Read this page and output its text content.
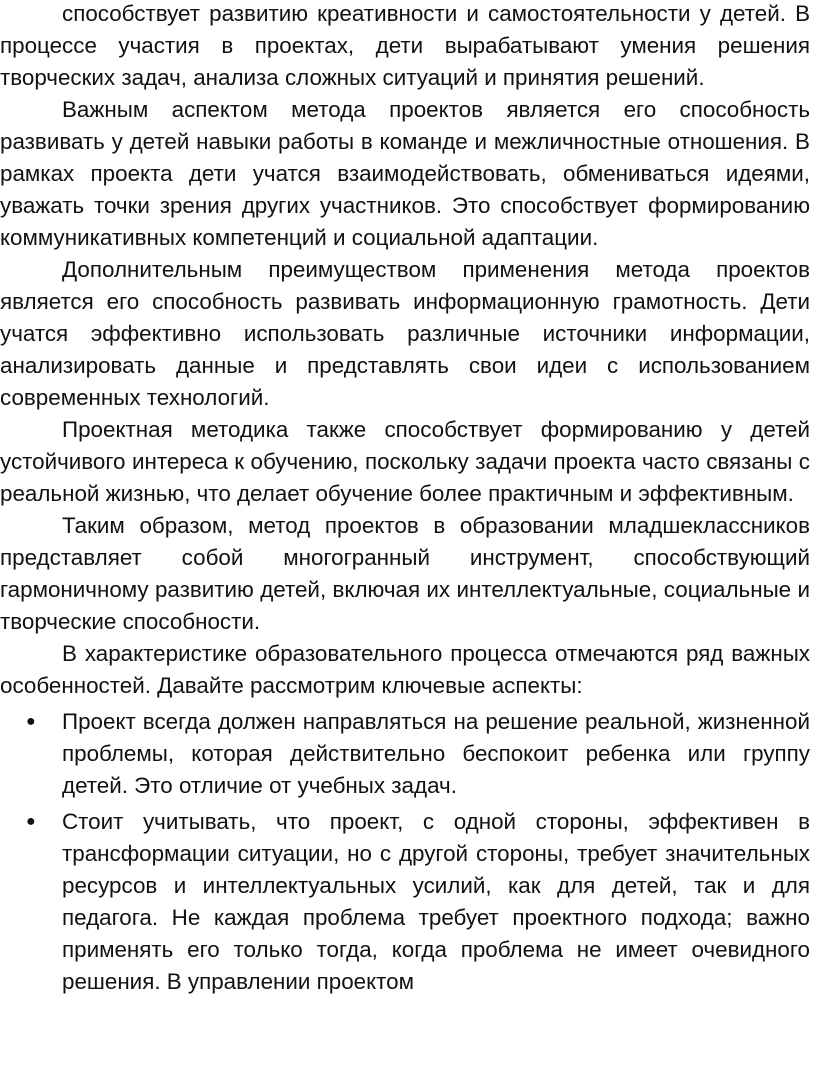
способствует развитию креативности и самостоятельности у детей. В процессе участия в проектах, дети вырабатывают умения решения творческих задач, анализа сложных ситуаций и принятия решений.

Важным аспектом метода проектов является его способность развивать у детей навыки работы в команде и межличностные отношения. В рамках проекта дети учатся взаимодействовать, обмениваться идеями, уважать точки зрения других участников. Это способствует формированию коммуникативных компетенций и социальной адаптации.

Дополнительным преимуществом применения метода проектов является его способность развивать информационную грамотность. Дети учатся эффективно использовать различные источники информации, анализировать данные и представлять свои идеи с использованием современных технологий.

Проектная методика также способствует формированию у детей устойчивого интереса к обучению, поскольку задачи проекта часто связаны с реальной жизнью, что делает обучение более практичным и эффективным.

Таким образом, метод проектов в образовании младшеклассников представляет собой многогранный инструмент, способствующий гармоничному развитию детей, включая их интеллектуальные, социальные и творческие способности.

В характеристике образовательного процесса отмечаются ряд важных особенностей. Давайте рассмотрим ключевые аспекты:

● Проект всегда должен направляться на решение реальной, жизненной проблемы, которая действительно беспокоит ребенка или группу детей. Это отличие от учебных задач.
● Стоит учитывать, что проект, с одной стороны, эффективен в трансформации ситуации, но с другой стороны, требует значительных ресурсов и интеллектуальных усилий, как для детей, так и для педагога. Не каждая проблема требует проектного подхода; важно применять его только тогда, когда проблема не имеет очевидного решения. В управлении проектом
